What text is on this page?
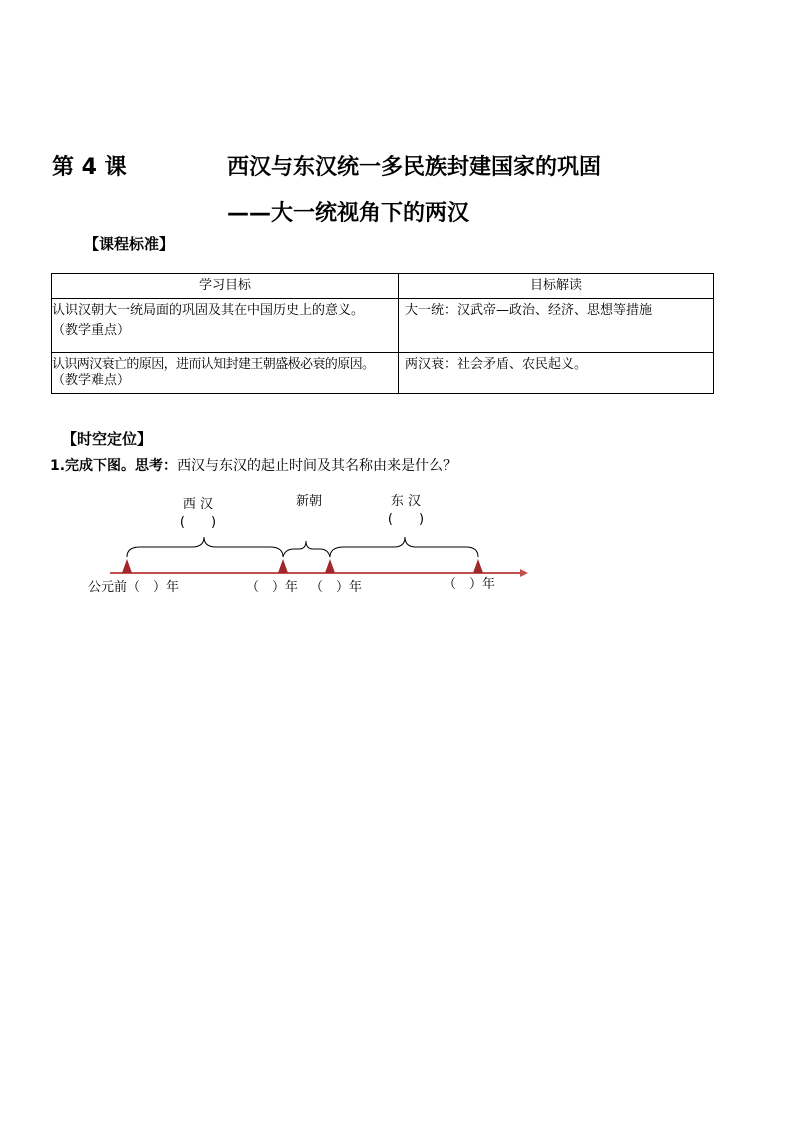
第 4 课	西汉与东汉统一多民族封建国家的巩固
——大一统视角下的两汉
【课程标准】
学习目标	目标解读

认识汉朝大一统局面的巩固及其在中国历史上的意义。
（教学重点）	大一统：汉武帝—政治、经济、思想等措施

认识两汉衰亡的原因，进而认知封建王朝盛极必衰的原因。
（教学难点）	两汉衰：社会矛盾、农民起义。
【时空定位】
1.完成下图。思考：西汉与东汉的起止时间及其名称由来是什么？
西 汉
(　　)
新朝	东 汉
(　　)
公元前（　）年	（　）年 （　）年	（　）年
